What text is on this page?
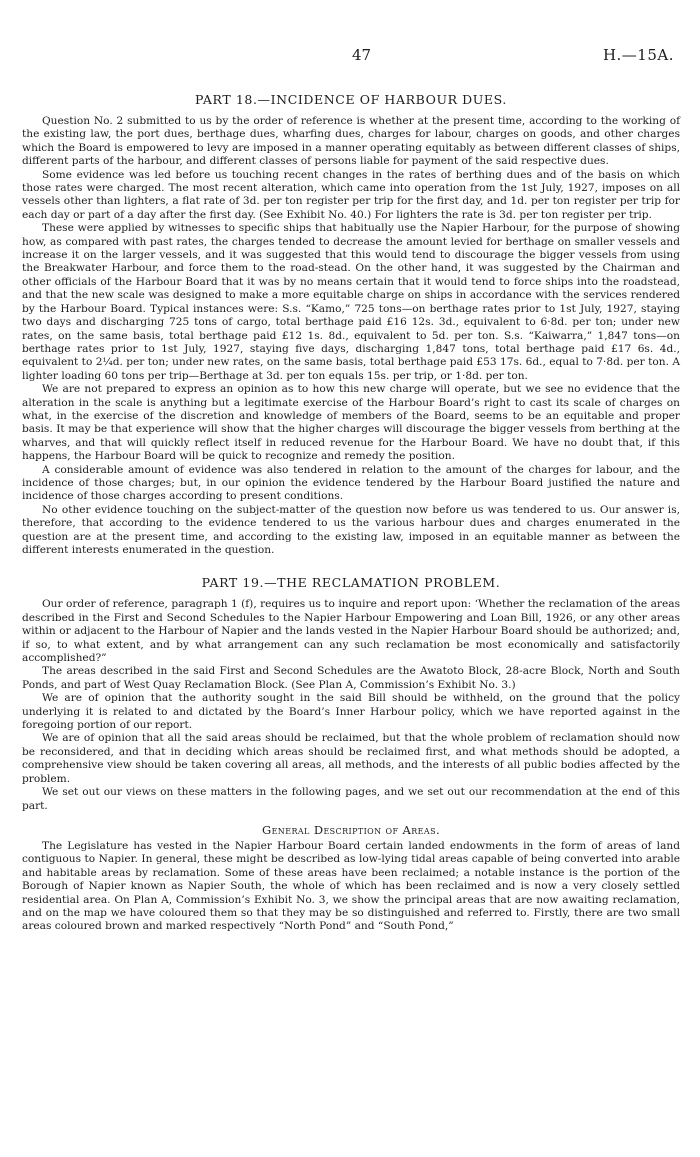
47	H.—15A.
PART 18.—INCIDENCE OF HARBOUR DUES.

Question No. 2 submitted to us by the order of reference is whether at the present time, according to the working of the existing law, the port dues, berthage dues, wharfing dues, charges for labour, charges on goods, and other charges which the Board is empowered to levy are imposed in a manner operating equitably as between different classes of ships, different parts of the harbour, and different classes of persons liable for payment of the said respective dues.

Some evidence was led before us touching recent changes in the rates of berthing dues and of the basis on which those rates were charged. The most recent alteration, which came into operation from the 1st July, 1927, imposes on all vessels other than lighters, a flat rate of 3d. per ton register per trip for the first day, and 1d. per ton register per trip for each day or part of a day after the first day. (See Exhibit No. 40.) For lighters the rate is 3d. per ton register per trip.

These were applied by witnesses to specific ships that habitually use the Napier Harbour, for the purpose of showing how, as compared with past rates, the charges tended to decrease the amount levied for berthage on smaller vessels and increase it on the larger vessels, and it was suggested that this would tend to discourage the bigger vessels from using the Breakwater Harbour, and force them to the road-stead. On the other hand, it was suggested by the Chairman and other officials of the Harbour Board that it was by no means certain that it would tend to force ships into the roadstead, and that the new scale was designed to make a more equitable charge on ships in accordance with the services rendered by the Harbour Board. Typical instances were: S.s. “Kamo,” 725 tons—on berthage rates prior to 1st July, 1927, staying two days and discharging 725 tons of cargo, total berthage paid £16 12s. 3d., equivalent to 6·8d. per ton; under new rates, on the same basis, total berthage paid £12 1s. 8d., equivalent to 5d. per ton. S.s. “Kaiwarra,” 1,847 tons—on berthage rates prior to 1st July, 1927, staying five days, discharging 1,847 tons, total berthage paid £17 6s. 4d., equivalent to 2¼d. per ton; under new rates, on the same basis, total berthage paid £53 17s. 6d., equal to 7·8d. per ton. A lighter loading 60 tons per trip—Berthage at 3d. per ton equals 15s. per trip, or 1·8d. per ton.

We are not prepared to express an opinion as to how this new charge will operate, but we see no evidence that the alteration in the scale is anything but a legitimate exercise of the Harbour Board’s right to cast its scale of charges on what, in the exercise of the discretion and knowledge of members of the Board, seems to be an equitable and proper basis. It may be that experience will show that the higher charges will discourage the bigger vessels from berthing at the wharves, and that will quickly reflect itself in reduced revenue for the Harbour Board. We have no doubt that, if this happens, the Harbour Board will be quick to recognize and remedy the position.

A considerable amount of evidence was also tendered in relation to the amount of the charges for labour, and the incidence of those charges; but, in our opinion the evidence tendered by the Harbour Board justified the nature and incidence of those charges according to present conditions.

No other evidence touching on the subject-matter of the question now before us was tendered to us. Our answer is, therefore, that according to the evidence tendered to us the various harbour dues and charges enumerated in the question are at the present time, and according to the existing law, imposed in an equitable manner as between the different interests enumerated in the question.

PART 19.—THE RECLAMATION PROBLEM.

Our order of reference, paragraph 1 (f), requires us to inquire and report upon: ‘Whether the reclamation of the areas described in the First and Second Schedules to the Napier Harbour Empowering and Loan Bill, 1926, or any other areas within or adjacent to the Harbour of Napier and the lands vested in the Napier Harbour Board should be authorized; and, if so, to what extent, and by what arrangement can any such reclamation be most economically and satisfactorily accomplished?”

The areas described in the said First and Second Schedules are the Awatoto Block, 28-acre Block, North and South Ponds, and part of West Quay Reclamation Block. (See Plan A, Commission’s Exhibit No. 3.)

We are of opinion that the authority sought in the said Bill should be withheld, on the ground that the policy underlying it is related to and dictated by the Board’s Inner Harbour policy, which we have reported against in the foregoing portion of our report.

We are of opinion that all the said areas should be reclaimed, but that the whole problem of reclamation should now be reconsidered, and that in deciding which areas should be reclaimed first, and what methods should be adopted, a comprehensive view should be taken covering all areas, all methods, and the interests of all public bodies affected by the problem.

We set out our views on these matters in the following pages, and we set out our recommendation at the end of this part.

General Description of Areas.

The Legislature has vested in the Napier Harbour Board certain landed endowments in the form of areas of land contiguous to Napier. In general, these might be described as low-lying tidal areas capable of being converted into arable and habitable areas by reclamation. Some of these areas have been reclaimed; a notable instance is the portion of the Borough of Napier known as Napier South, the whole of which has been reclaimed and is now a very closely settled residential area. On Plan A, Commission’s Exhibit No. 3, we show the principal areas that are now awaiting reclamation, and on the map we have coloured them so that they may be so distinguished and referred to. Firstly, there are two small areas coloured brown and marked respectively “North Pond” and “South Pond,”
